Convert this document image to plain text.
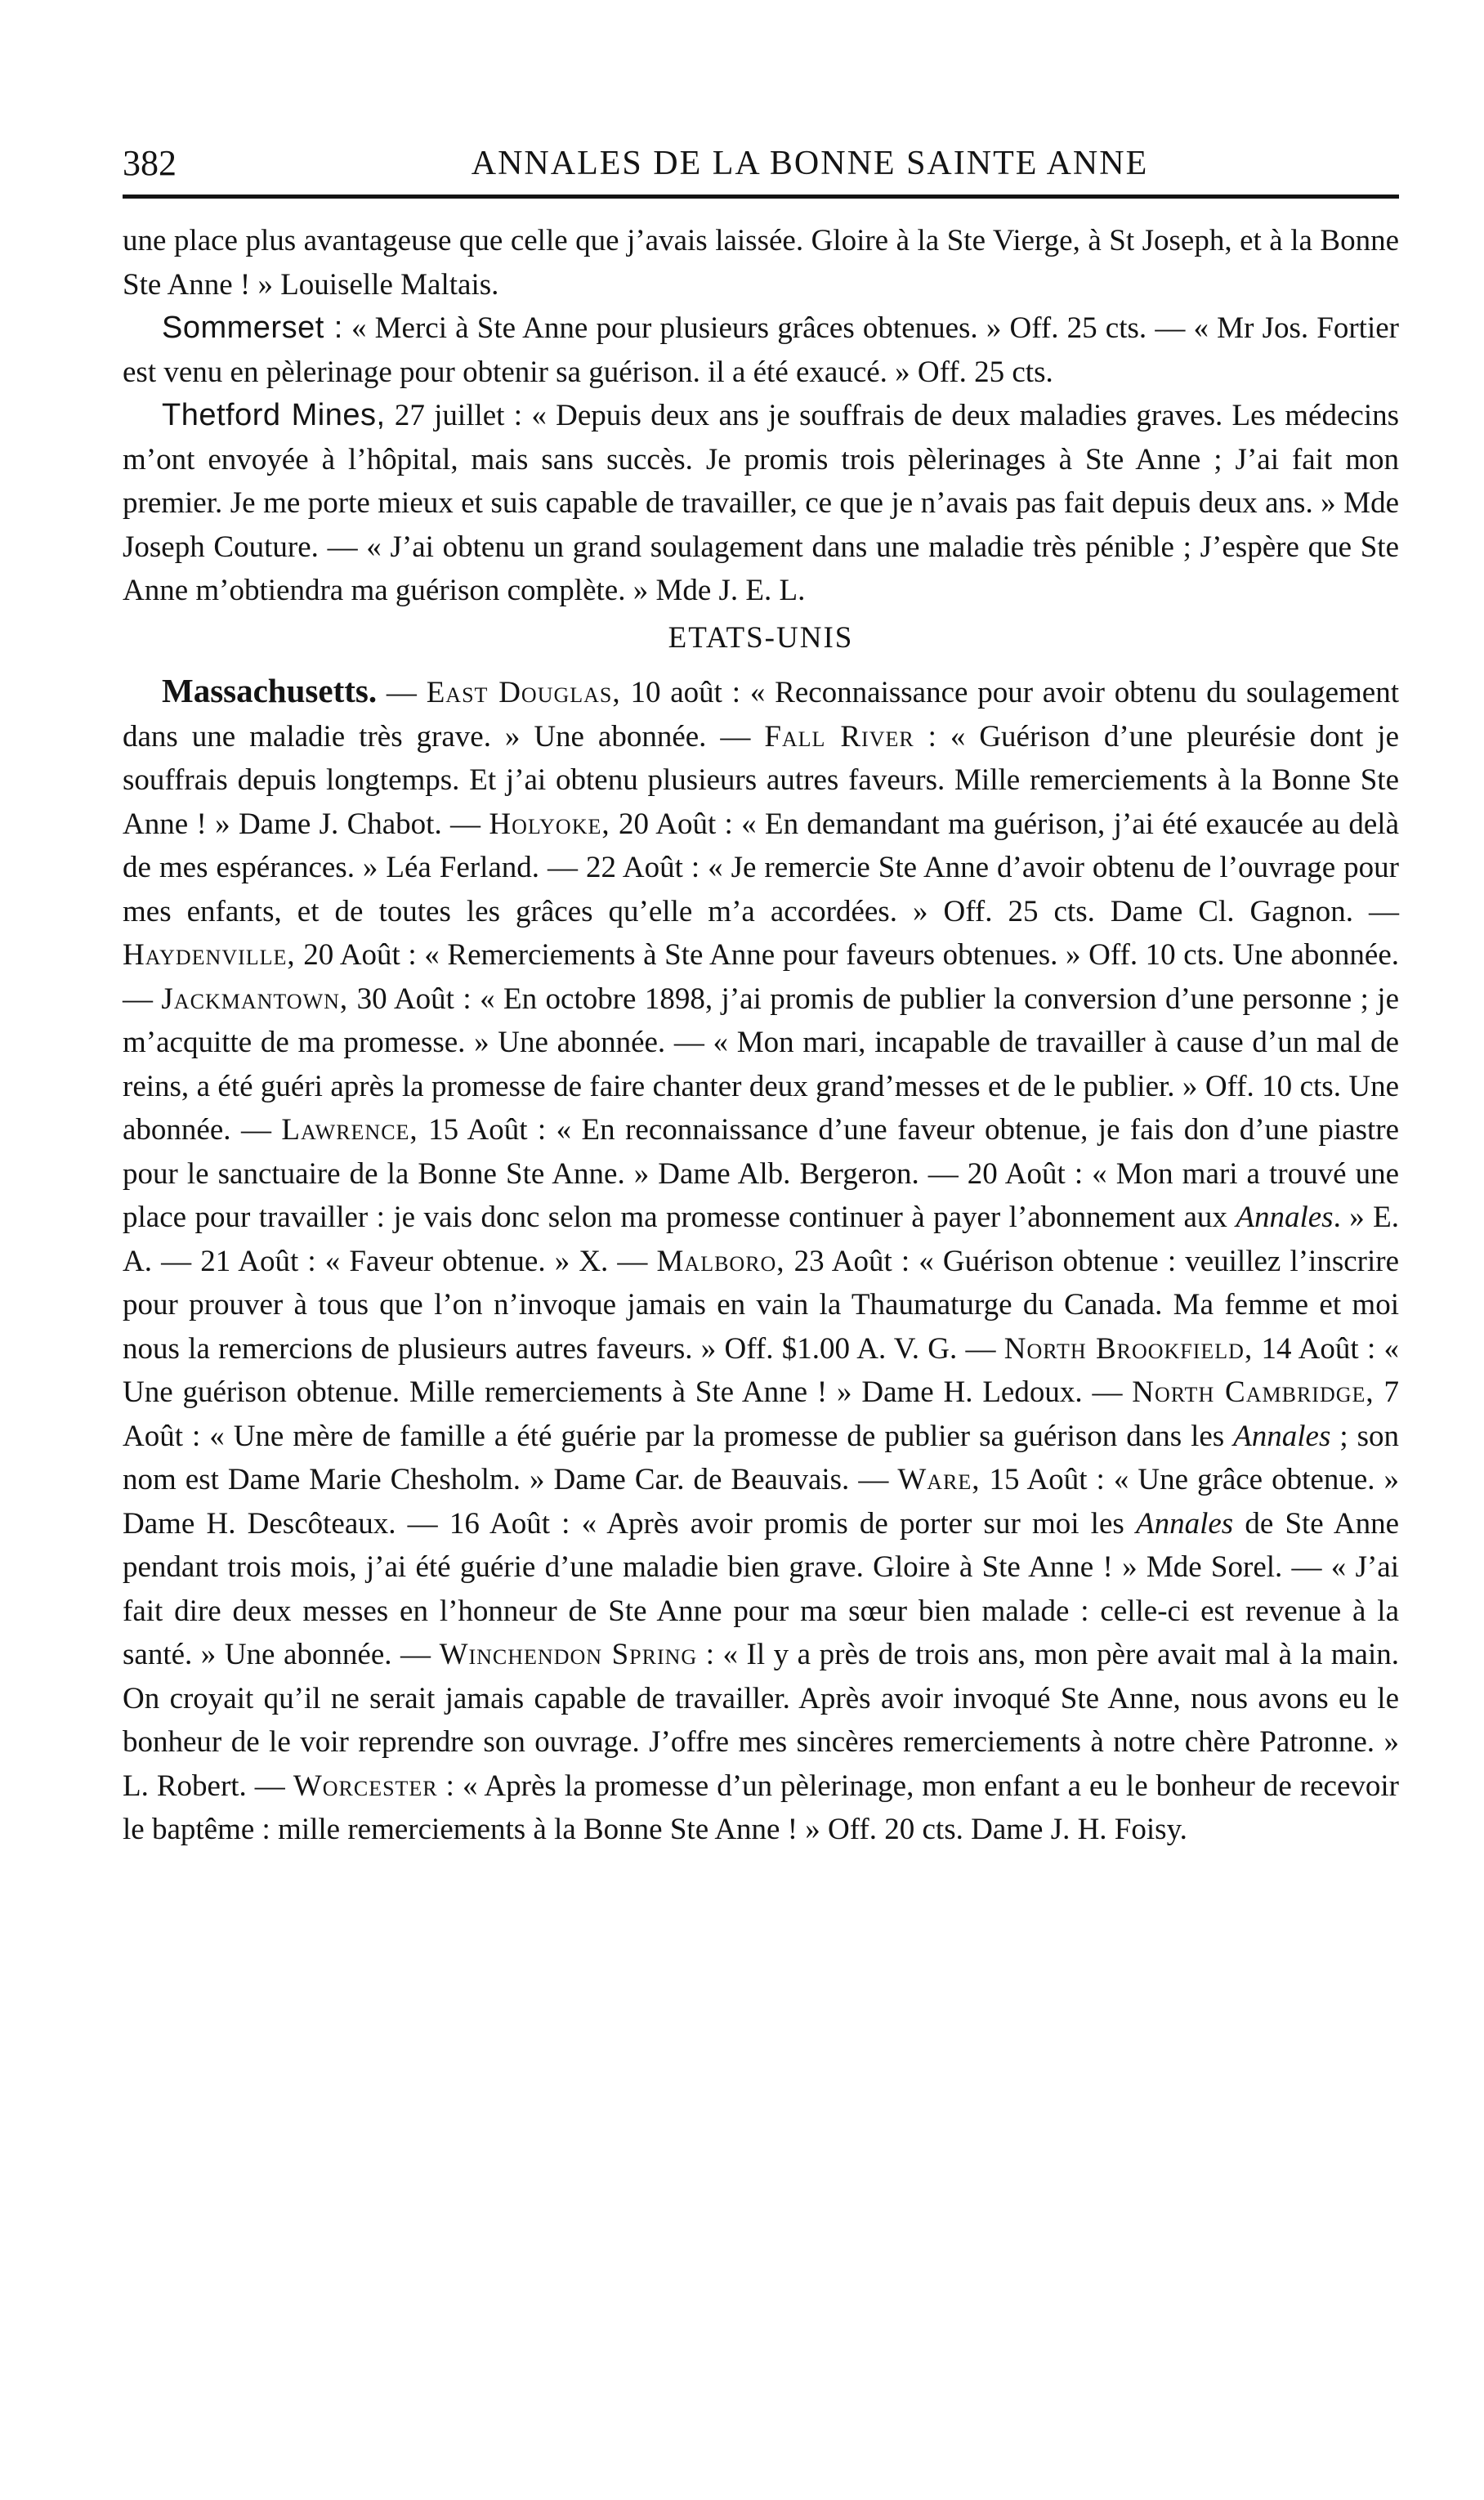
382	ANNALES DE LA BONNE SAINTE ANNE

une place plus avantageuse que celle que j’avais laissée. Gloire à la Ste Vierge, à St Joseph, et à la Bonne Ste Anne ! » Louiselle Maltais.

Sommerset : « Merci à Ste Anne pour plusieurs grâces obtenues. » Off. 25 cts. — « Mr Jos. Fortier est venu en pèlerinage pour obtenir sa guérison. il a été exaucé. » Off. 25 cts.

Thetford Mines, 27 juillet : « Depuis deux ans je souffrais de deux maladies graves. Les médecins m’ont envoyée à l’hôpital, mais sans succès. Je promis trois pèlerinages à Ste Anne ; J’ai fait mon premier. Je me porte mieux et suis capable de travailler, ce que je n’avais pas fait depuis deux ans. » Mde Joseph Couture. — « J’ai obtenu un grand soulagement dans une maladie très pénible ; J’espère que Ste Anne m’obtiendra ma guérison complète. » Mde J. E. L.

ETATS-UNIS

Massachusetts. — East Douglas, 10 août : « Reconnaissance pour avoir obtenu du soulagement dans une maladie très grave. » Une abonnée. — Fall River : « Guérison d’une pleurésie dont je souffrais depuis longtemps. Et j’ai obtenu plusieurs autres faveurs. Mille remerciements à la Bonne Ste Anne ! » Dame J. Chabot. — Holyoke, 20 Août : « En demandant ma guérison, j’ai été exaucée au delà de mes espérances. » Léa Ferland. — 22 Août : « Je remercie Ste Anne d’avoir obtenu de l’ouvrage pour mes enfants, et de toutes les grâces qu’elle m’a accordées. » Off. 25 cts. Dame Cl. Gagnon. — Haydenville, 20 Août : « Remerciements à Ste Anne pour faveurs obtenues. » Off. 10 cts. Une abonnée. — Jackmantown, 30 Août : « En octobre 1898, j’ai promis de publier la conversion d’une personne ; je m’acquitte de ma promesse. » Une abonnée. — « Mon mari, incapable de travailler à cause d’un mal de reins, a été guéri après la promesse de faire chanter deux grand’messes et de le publier. » Off. 10 cts. Une abonnée. — Lawrence, 15 Août : « En reconnaissance d’une faveur obtenue, je fais don d’une piastre pour le sanctuaire de la Bonne Ste Anne. » Dame Alb. Bergeron. — 20 Août : « Mon mari a trouvé une place pour travailler : je vais donc selon ma promesse continuer à payer l’abonnement aux Annales. » E. A. — 21 Août : « Faveur obtenue. » X. — Malboro, 23 Août : « Guérison obtenue : veuillez l’inscrire pour prouver à tous que l’on n’invoque jamais en vain la Thaumaturge du Canada. Ma femme et moi nous la remercions de plusieurs autres faveurs. » Off. $1.00 A. V. G. — North Brookfield, 14 Août : « Une guérison obtenue. Mille remerciements à Ste Anne ! » Dame H. Ledoux. — North Cambridge, 7 Août : « Une mère de famille a été guérie par la promesse de publier sa guérison dans les Annales ; son nom est Dame Marie Chesholm. » Dame Car. de Beauvais. — Ware, 15 Août : « Une grâce obtenue. » Dame H. Descôteaux. — 16 Août : « Après avoir promis de porter sur moi les Annales de Ste Anne pendant trois mois, j’ai été guérie d’une maladie bien grave. Gloire à Ste Anne ! » Mde Sorel. — « J’ai fait dire deux messes en l’honneur de Ste Anne pour ma sœur bien malade : celle-ci est revenue à la santé. » Une abonnée. — Winchendon Spring : « Il y a près de trois ans, mon père avait mal à la main. On croyait qu’il ne serait jamais capable de travailler. Après avoir invoqué Ste Anne, nous avons eu le bonheur de le voir reprendre son ouvrage. J’offre mes sincères remerciements à notre chère Patronne. » L. Robert. — Worcester : « Après la promesse d’un pèlerinage, mon enfant a eu le bonheur de recevoir le baptême : mille remerciements à la Bonne Ste Anne ! » Off. 20 cts. Dame J. H. Foisy.
